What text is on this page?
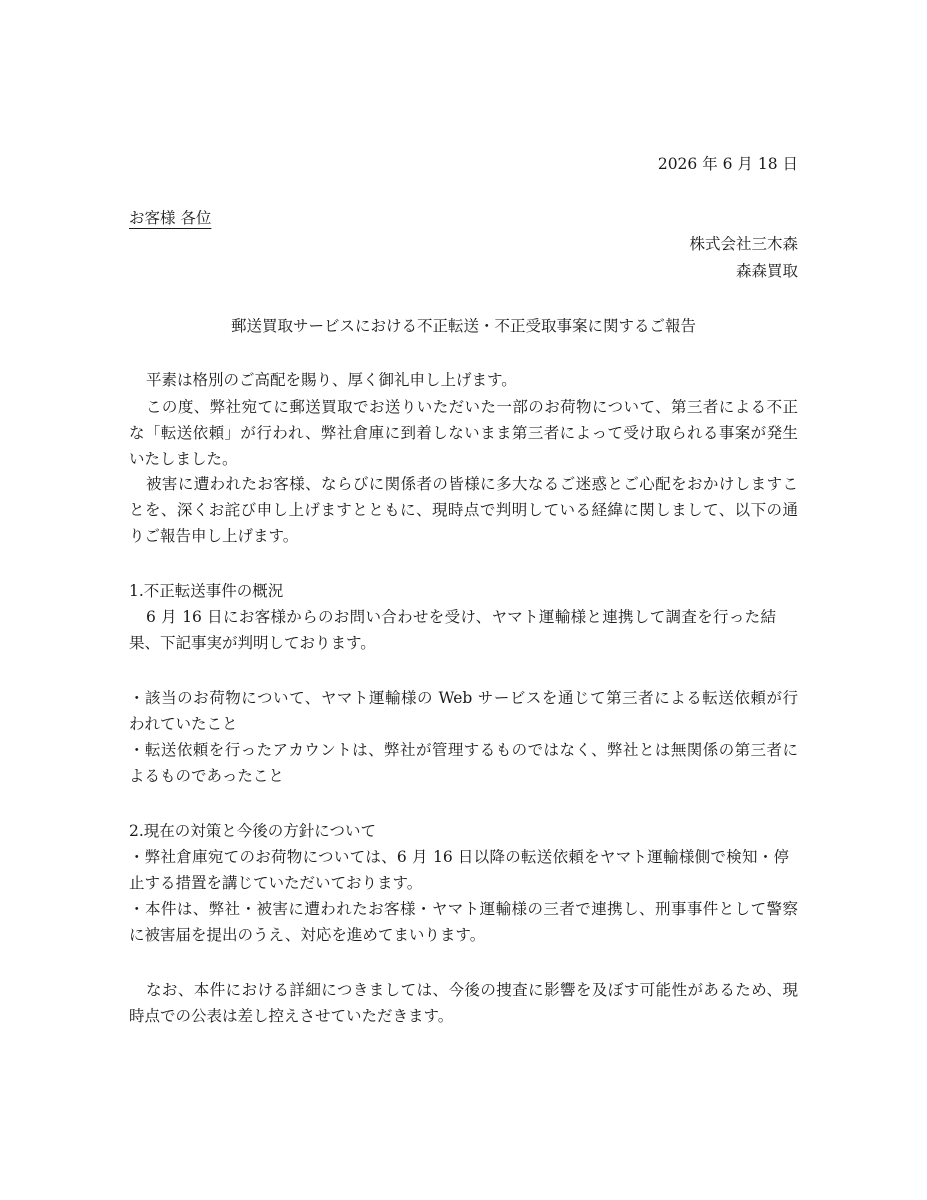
2026 年 6 月 18 日
お客様 各位
株式会社三木森
森森買取
郵送買取サービスにおける不正転送・不正受取事案に関するご報告
平素は格別のご高配を賜り、厚く御礼申し上げます。
この度、弊社宛てに郵送買取でお送りいただいた一部のお荷物について、第三者による不正
な「転送依頼」が行われ、弊社倉庫に到着しないまま第三者によって受け取られる事案が発生
いたしました。
被害に遭われたお客様、ならびに関係者の皆様に多大なるご迷惑とご心配をおかけしますこ
とを、深くお詫び申し上げますとともに、現時点で判明している経緯に関しまして、以下の通
りご報告申し上げます。
1.不正転送事件の概況
6 月 16 日にお客様からのお問い合わせを受け、ヤマト運輸様と連携して調査を行った結
果、下記事実が判明しております。
・該当のお荷物について、ヤマト運輸様の Web サービスを通じて第三者による転送依頼が行
われていたこと
・転送依頼を行ったアカウントは、弊社が管理するものではなく、弊社とは無関係の第三者に
よるものであったこと
2.現在の対策と今後の方針について
・弊社倉庫宛てのお荷物については、6 月 16 日以降の転送依頼をヤマト運輸様側で検知・停
止する措置を講じていただいております。
・本件は、弊社・被害に遭われたお客様・ヤマト運輸様の三者で連携し、刑事事件として警察
に被害届を提出のうえ、対応を進めてまいります。
なお、本件における詳細につきましては、今後の捜査に影響を及ぼす可能性があるため、現
時点での公表は差し控えさせていただきます。
